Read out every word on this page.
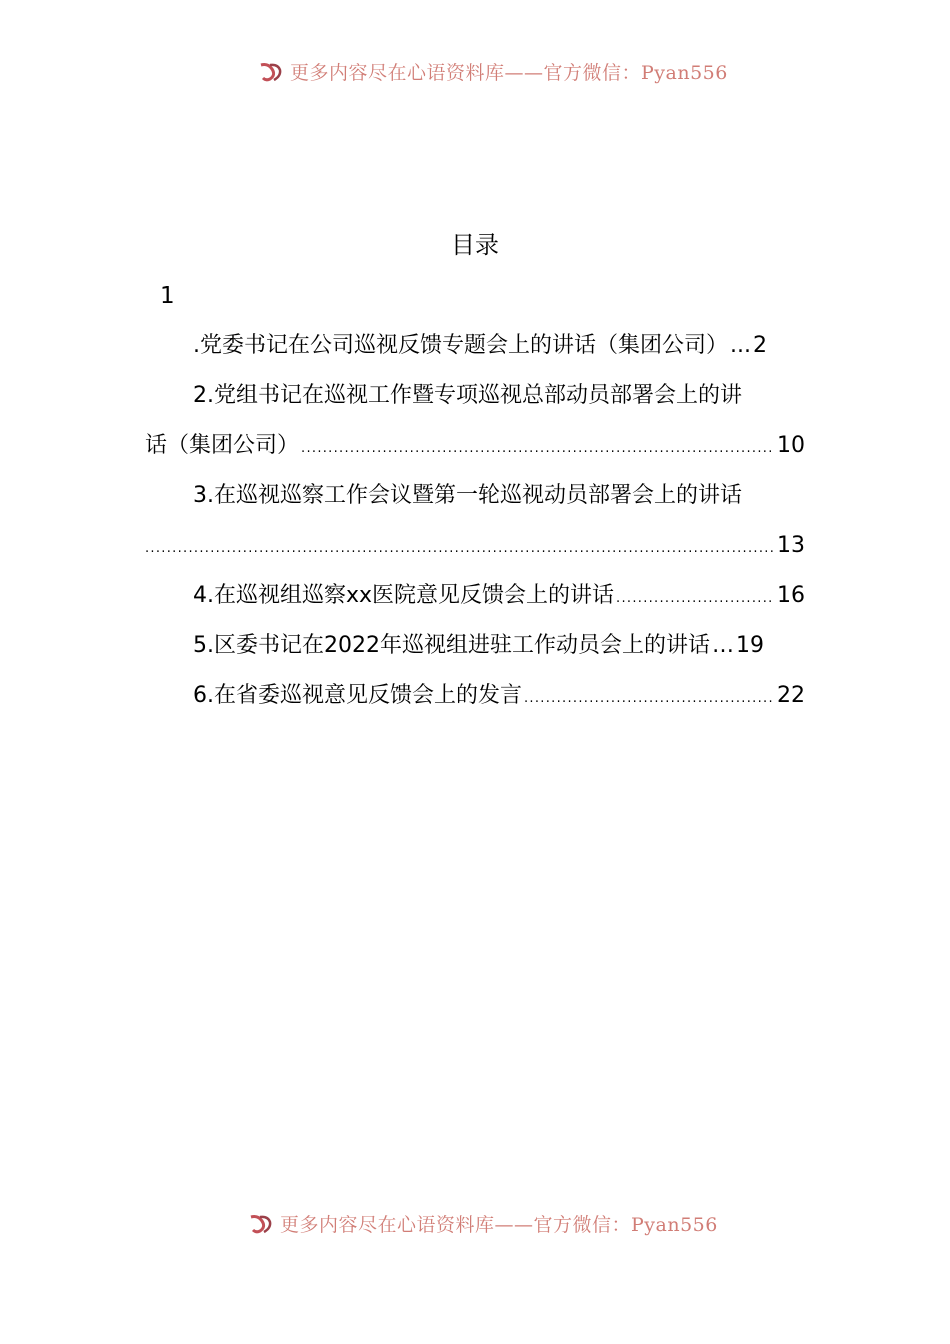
更多内容尽在心语资料库——官方微信：Pyan556
目录
1
.党委书记在公司巡视反馈专题会上的讲话（集团公司） ... 2
2.党组书记在巡视工作暨专项巡视总部动员部署会上的讲
话（集团公司） .....	10
3.在巡视巡察工作会议暨第一轮巡视动员部署会上的讲话
.....
13
4.在巡视组巡察xx医院意见反馈会上的讲话 .....	16
5.区委书记在2022年巡视组进驻工作动员会上的讲话 … 19
6.在省委巡视意见反馈会上的发言 .....	22
更多内容尽在心语资料库——官方微信：Pyan556
